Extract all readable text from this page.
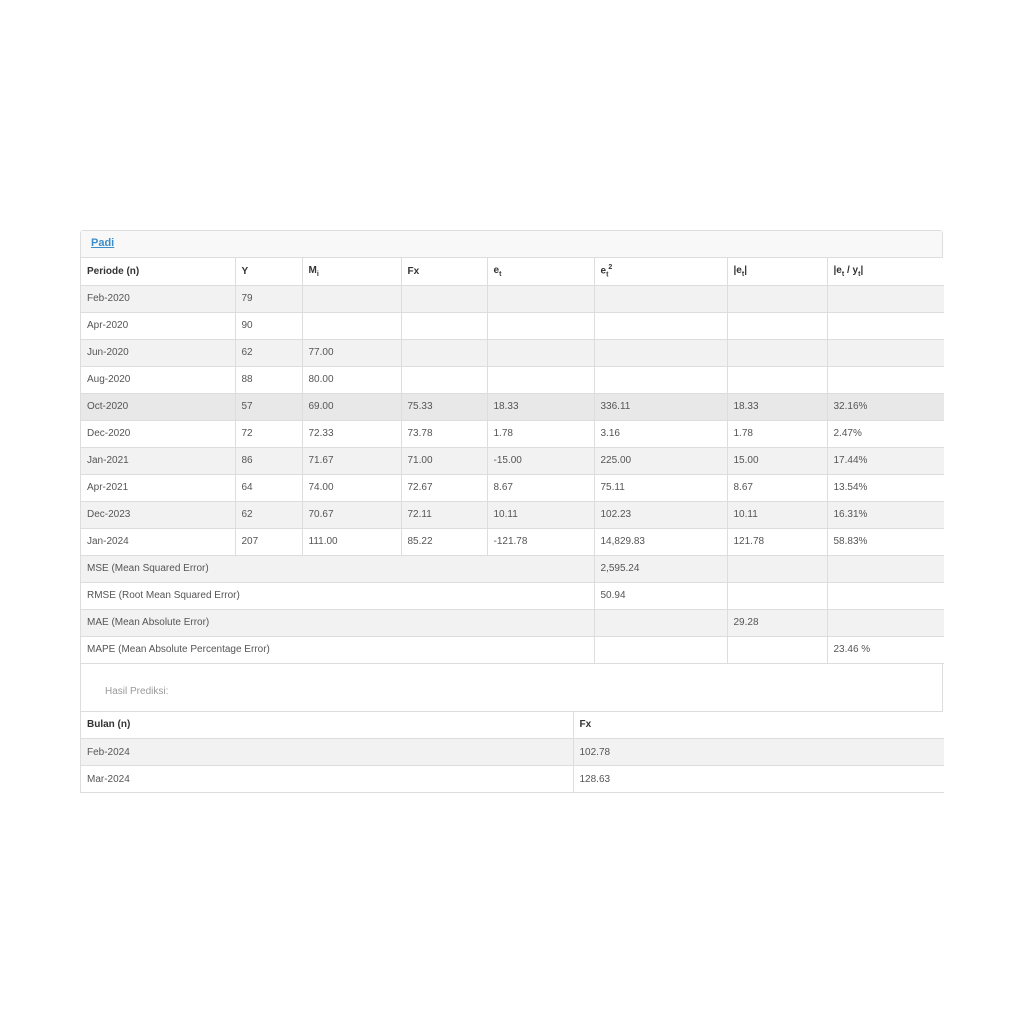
Padi
Periode (n)	Y	$M_i$	Fx	$e_t$	$e_t^2$	$|e_t|$	$|e_t / y_t|$
Feb-2020	79						
Apr-2020	90						
Jun-2020	62	77.00					
Aug-2020	88	80.00					
Oct-2020	57	69.00	75.33	18.33	336.11	18.33	32.16%
Dec-2020	72	72.33	73.78	1.78	3.16	1.78	2.47%
Jan-2021	86	71.67	71.00	-15.00	225.00	15.00	17.44%
Apr-2021	64	74.00	72.67	8.67	75.11	8.67	13.54%
Dec-2023	62	70.67	72.11	10.11	102.23	10.11	16.31%
Jan-2024	207	111.00	85.22	-121.78	14,829.83	121.78	58.83%
MSE (Mean Squared Error)					2,595.24		
RMSE (Root Mean Squared Error)					50.94		
MAE (Mean Absolute Error)						29.28	
MAPE (Mean Absolute Percentage Error)							23.46 %
Hasil Prediksi:
Bulan (n)	Fx
Feb-2024	102.78
Mar-2024	128.63
